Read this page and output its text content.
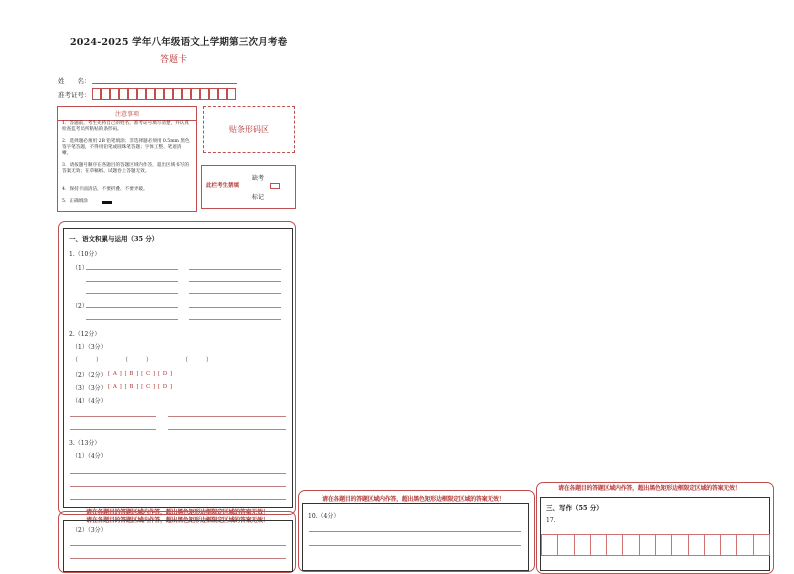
2024-2025 学年八年级语文上学期第三次月考卷
答题卡
姓　　名：
准考证号：
注意事项
1．答题前，考生先将自己的姓名，准考证号填写清楚，并认真检查监考员所粘贴的条形码。
2．选择题必须用 2B 铅笔填涂；非选择题必须用 0.5mm 黑色签字笔答题，不得用铅笔或圆珠笔答题；字体工整、笔迹清晰。
3．请按题号顺序在各题目的答题区域内作答，超出区域书写的答案无效；在草稿纸、试题卷上答题无效。
4．保持卡面清洁，不要折叠、不要弄破。
5．正确填涂
贴条形码区
此栏考生禁填
缺考
标记
一、语文积累与运用（35 分）
1.（10分）
（1）
（2）
2.（12分）
（1）（3分）
（　　　）	（　　　）	（　　　）
（2）（2分） [ A ] [ B ] [ C ] [ D ]
（3）（3分） [ A ] [ B ] [ C ] [ D ]
（4）（4分）
3.（13分）
（1）（4分）
请在各题目的答题区域内作答，超出黑色矩形边框限定区域的答案无效！
请在各题目的答题区域内作答，超出黑色矩形边框限定区域的答案无效！
（2）（3分）
请在各题目的答题区域内作答，超出黑色矩形边框限定区域的答案无效！
10.（4分）
请在各题目的答题区域内作答，超出黑色矩形边框限定区域的答案无效！
三、写作（55 分）
17.
